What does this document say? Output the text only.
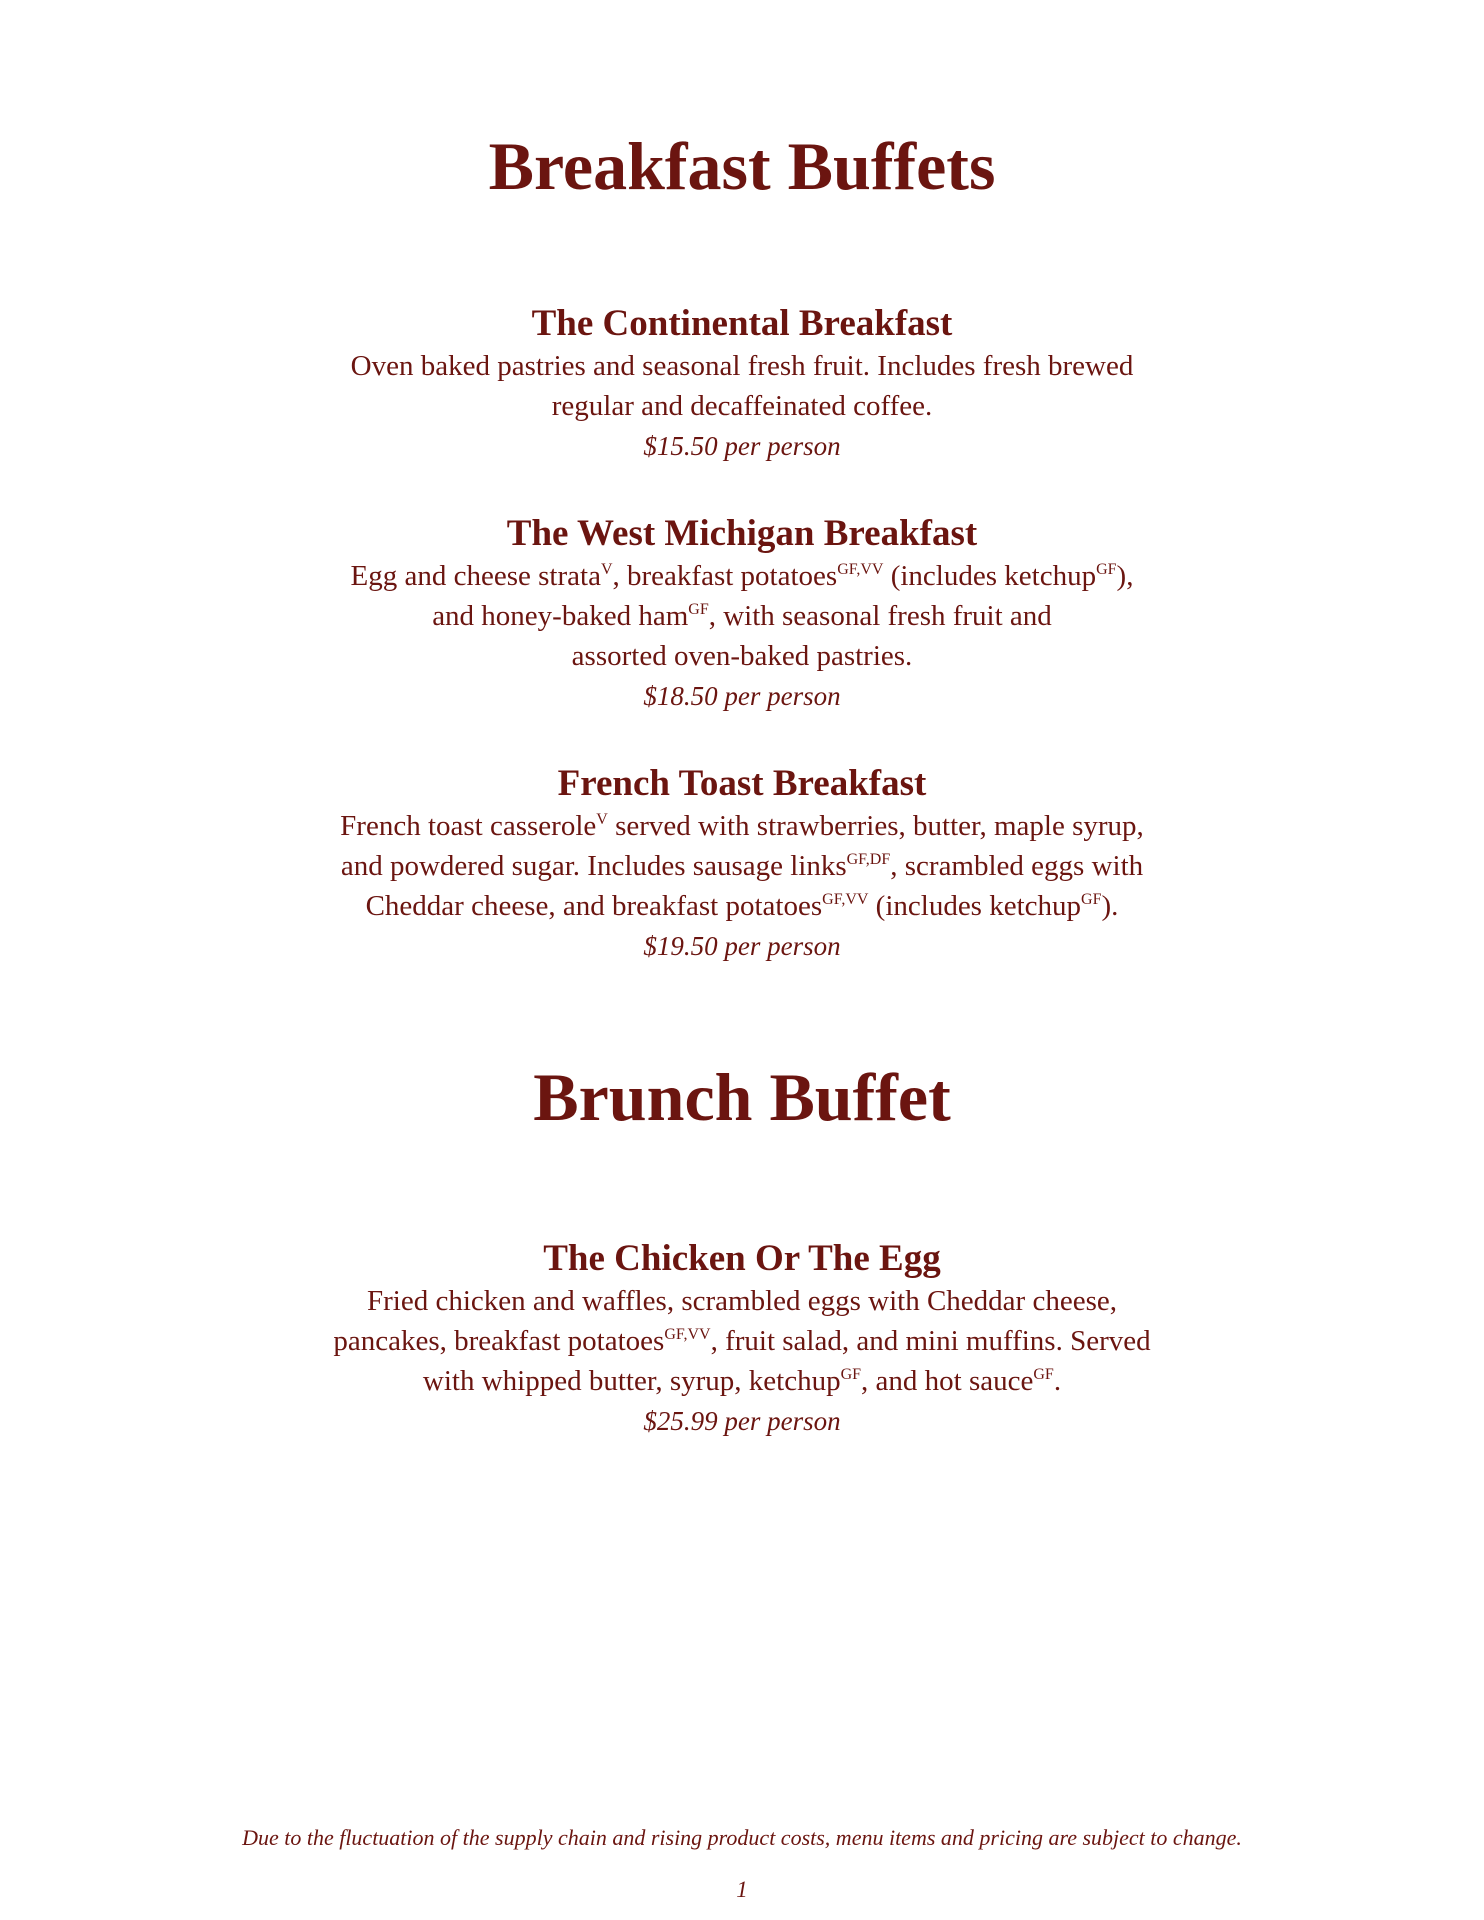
Breakfast Buffets
The Continental Breakfast

Oven baked pastries and seasonal fresh fruit. Includes fresh brewed
regular and decaffeinated coffee.

$15.50 per person

The West Michigan Breakfast

Egg and cheese strata$^V$, breakfast potatoes$^{GF,VV}$ (includes ketchup$^{GF}$),
and honey-baked ham$^{GF}$, with seasonal fresh fruit and
assorted oven-baked pastries.

$18.50 per person

French Toast Breakfast

French toast casserole$^V$ served with strawberries, butter, maple syrup,
and powdered sugar. Includes sausage links$^{GF,DF}$, scrambled eggs with
Cheddar cheese, and breakfast potatoes$^{GF,VV}$ (includes ketchup$^{GF}$).

$19.50 per person

Brunch Buffet
The Chicken Or The Egg

Fried chicken and waffles, scrambled eggs with Cheddar cheese,
pancakes, breakfast potatoes$^{GF,VV}$, fruit salad, and mini muffins. Served
with whipped butter, syrup, ketchup$^{GF}$, and hot sauce$^{GF}$.

$25.99 per person

Due to the fluctuation of the supply chain and rising product costs, menu items and pricing are subject to change.

1
